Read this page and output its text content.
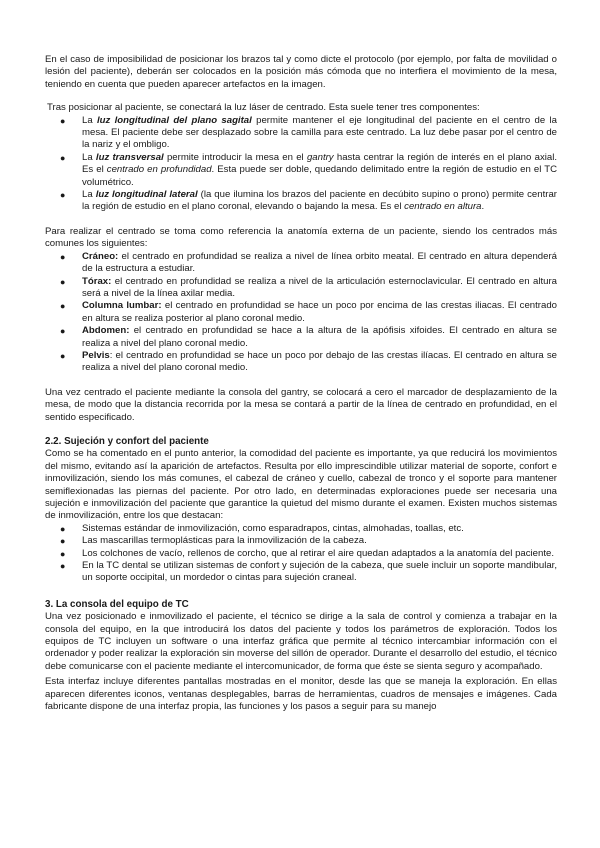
En el caso de imposibilidad de posicionar los brazos tal y como dicte el protocolo (por ejemplo, por falta de movilidad o lesión del paciente), deberán ser colocados en la posición más cómoda que no interfiera el movimiento de la mesa, teniendo en cuenta que pueden aparecer artefactos en la imagen.

Tras posicionar al paciente, se conectará la luz láser de centrado. Esta suele tener tres componentes:

● La luz longitudinal del plano sagital permite mantener el eje longitudinal del paciente en el centro de la mesa. El paciente debe ser desplazado sobre la camilla para este centrado. La luz debe pasar por el centro de la nariz y el ombligo.
● La luz transversal permite introducir la mesa en el gantry hasta centrar la región de interés en el plano axial. Es el centrado en profundidad. Esta puede ser doble, quedando delimitado entre la región de estudio en el TC volumétrico.
● La luz longitudinal lateral (la que ilumina los brazos del paciente en decúbito supino o prono) permite centrar la región de estudio en el plano coronal, elevando o bajando la mesa. Es el centrado en altura.

Para realizar el centrado se toma como referencia la anatomía externa de un paciente, siendo los centrados más comunes los siguientes:

● Cráneo: el centrado en profundidad se realiza a nivel de línea orbito meatal. El centrado en altura dependerá de la estructura a estudiar.
● Tórax: el centrado en profundidad se realiza a nivel de la articulación esternoclavicular. El centrado en altura será a nivel de la línea axilar media.
● Columna lumbar: el centrado en profundidad se hace un poco por encima de las crestas iliacas. El centrado en altura se realiza posterior al plano coronal medio.
● Abdomen: el centrado en profundidad se hace a la altura de la apófisis xifoides. El centrado en altura se realiza a nivel del plano coronal medio.
● Pelvis: el centrado en profundidad se hace un poco por debajo de las crestas ilíacas. El centrado en altura se realiza a nivel del plano coronal medio.

Una vez centrado el paciente mediante la consola del gantry, se colocará a cero el marcador de desplazamiento de la mesa, de modo que la distancia recorrida por la mesa se contará a partir de la línea de centrado en profundidad, en el sentido especificado.

2.2. Sujeción y confort del paciente

Como se ha comentado en el punto anterior, la comodidad del paciente es importante, ya que reducirá los movimientos del mismo, evitando así la aparición de artefactos. Resulta por ello imprescindible utilizar material de soporte, confort e inmovilización, siendo los más comunes, el cabezal de cráneo y cuello, cabezal de tronco y el soporte para mantener semiflexionadas las piernas del paciente. Por otro lado, en determinadas exploraciones puede ser necesaria una sujeción e inmovilización del paciente que garantice la quietud del mismo durante el examen. Existen muchos sistemas de inmovilización, entre los que destacan:

● Sistemas estándar de inmovilización, como esparadrapos, cintas, almohadas, toallas, etc.
● Las mascarillas termoplásticas para la inmovilización de la cabeza.
● Los colchones de vacío, rellenos de corcho, que al retirar el aire quedan adaptados a la anatomía del paciente.
● En la TC dental se utilizan sistemas de confort y sujeción de la cabeza, que suele incluir un soporte mandibular, un soporte occipital, un mordedor o cintas para sujeción craneal.
3. La consola del equipo de TC

Una vez posicionado e inmovilizado el paciente, el técnico se dirige a la sala de control y comienza a trabajar en la consola del equipo, en la que introducirá los datos del paciente y todos los parámetros de exploración. Todos los equipos de TC incluyen un software o una interfaz gráfica que permite al técnico intercambiar información con el ordenador y poder realizar la exploración sin moverse del sillón de operador. Durante el desarrollo del estudio, el técnico debe comunicarse con el paciente mediante el intercomunicador, de forma que éste se sienta seguro y acompañado.

Esta interfaz incluye diferentes pantallas mostradas en el monitor, desde las que se maneja la exploración. En ellas aparecen diferentes iconos, ventanas desplegables, barras de herramientas, cuadros de mensajes e imágenes. Cada fabricante dispone de una interfaz propia, las funciones y los pasos a seguir para su manejo
